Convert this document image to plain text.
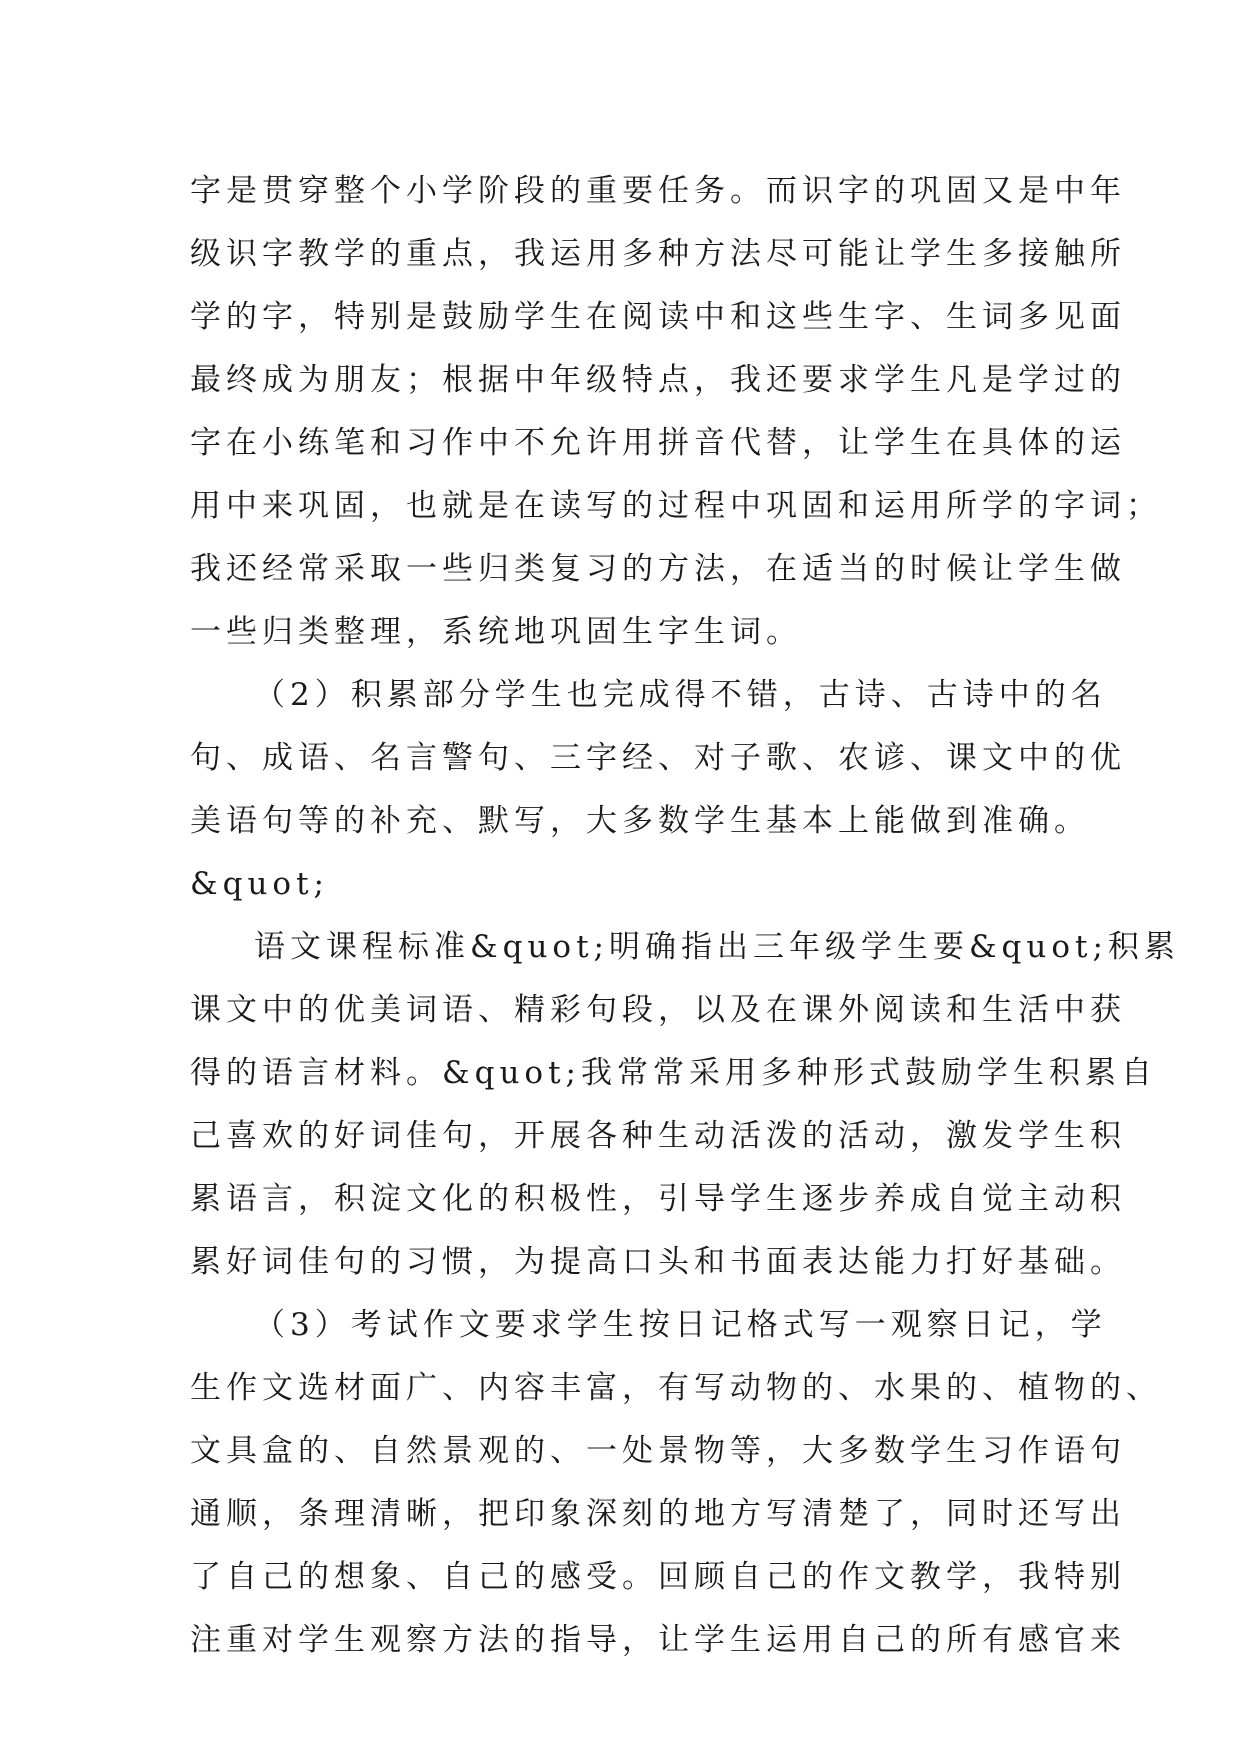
字是贯穿整个小学阶段的重要任务。而识字的巩固又是中年
级识字教学的重点，我运用多种方法尽可能让学生多接触所
学的字，特别是鼓励学生在阅读中和这些生字、生词多见面
最终成为朋友；根据中年级特点，我还要求学生凡是学过的
字在小练笔和习作中不允许用拼音代替，让学生在具体的运
用中来巩固，也就是在读写的过程中巩固和运用所学的字词；
我还经常采取一些归类复习的方法，在适当的时候让学生做
一些归类整理，系统地巩固生字生词。
（2）积累部分学生也完成得不错，古诗、古诗中的名
句、成语、名言警句、三字经、对子歌、农谚、课文中的优
美语句等的补充、默写，大多数学生基本上能做到准确。
&quot;
语文课程标准&quot;明确指出三年级学生要&quot;积累
课文中的优美词语、精彩句段，以及在课外阅读和生活中获
得的语言材料。&quot;我常常采用多种形式鼓励学生积累自
己喜欢的好词佳句，开展各种生动活泼的活动，激发学生积
累语言，积淀文化的积极性，引导学生逐步养成自觉主动积
累好词佳句的习惯，为提高口头和书面表达能力打好基础。
（3）考试作文要求学生按日记格式写一观察日记，学
生作文选材面广、内容丰富，有写动物的、水果的、植物的、
文具盒的、自然景观的、一处景物等，大多数学生习作语句
通顺，条理清晰，把印象深刻的地方写清楚了，同时还写出
了自己的想象、自己的感受。回顾自己的作文教学，我特别
注重对学生观察方法的指导，让学生运用自己的所有感官来
